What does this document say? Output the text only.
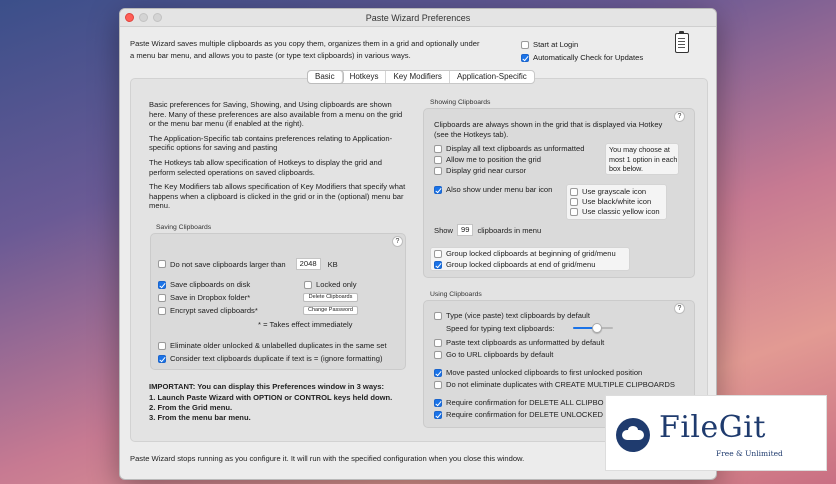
Paste Wizard Preferences
Paste Wizard saves multiple clipboards as you copy them, organizes them in a grid and optionally under a menu bar menu, and allows you to paste (or type text clipboards) in various ways.
Start at Login
Automatically Check for Updates
Basic	Hotkeys	Key Modifiers	Application-Specific

Basic preferences for Saving, Showing, and Using clipboards are shown here. Many of these preferences are also available from a menu on the grid or the menu bar menu (if enabled at the right).

The Application-Specific tab contains preferences relating to Application-specific options for saving and pasting

The Hotkeys tab allow specification of Hotkeys to display the grid and perform selected operations on saved clipboards.

The Key Modifiers tab allows specification of Key Modifiers that specify what happens when a clipboard is clicked in the grid or in the (optional) menu bar menu.

Saving Clipboards
?
Do not save clipboards larger than	2048	KB
Save clipboards on disk	Locked only
Save in Dropbox folder*	Delete Clipboards
Encrypt saved clipboards*	Change Password
* = Takes effect immediately
Eliminate older unlocked & unlabelled duplicates in the same set
Consider text clipboards duplicate if text is = (ignore formatting)
IMPORTANT: You can display this Preferences window in 3 ways:
1. Launch Paste Wizard with OPTION or CONTROL keys held down.
2. From the Grid menu.
3. From the menu bar menu.
Showing Clipboards
?
Clipboards are always shown in the grid that is displayed via Hotkey (see the Hotkeys tab).
Display all text clipboards as unformatted
Allow me to position the grid
Display grid near cursor
You may choose at most 1 option in each box below.
Also show under menu bar icon	Use grayscale icon
Use black/white icon
Use classic yellow icon
Show	99	clipboards in menu
Group locked clipboards at beginning of grid/menu
Group locked clipboards at end of grid/menu
Using Clipboards
?
Type (vice paste) text clipboards by default
Speed for typing text clipboards:
Paste text clipboards as unformatted by default
Go to URL clipboards by default
Move pasted unlocked clipboards to first unlocked position
Do not eliminate duplicates with CREATE MULTIPLE CLIPBOARDS
Require confirmation for DELETE ALL CLIPBO
Require confirmation for DELETE UNLOCKED
Paste Wizard stops running as you configure it. It will run with the specified configuration when you close this window.
FileGit
Free & Unlimited
